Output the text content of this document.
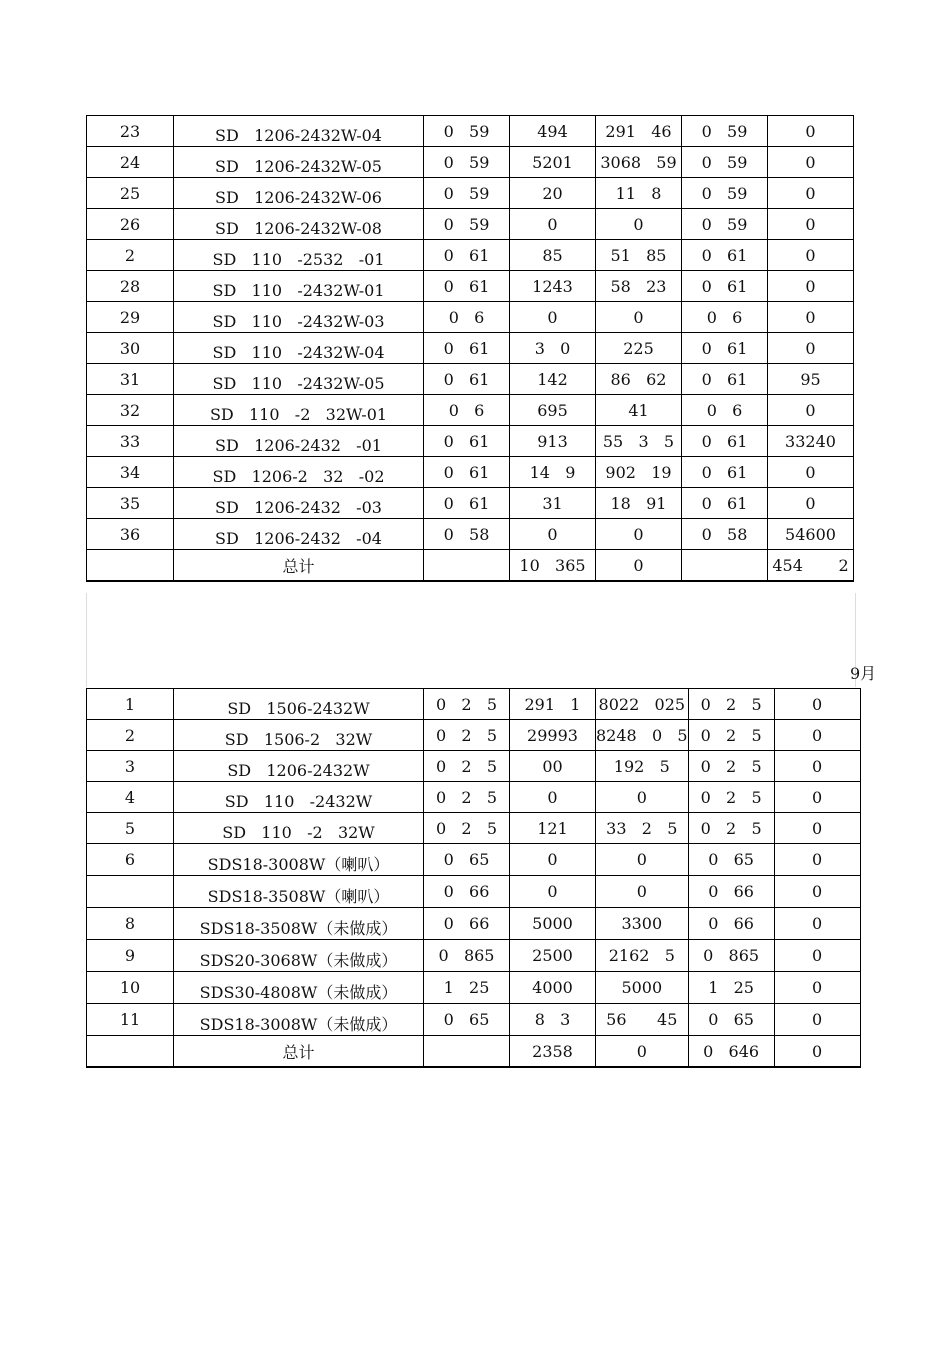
23	SD   1206-2432W-04	0   59	494	291   46	0   59	0
24	SD   1206-2432W-05	0   59	5201	3068   59	0   59	0
25	SD   1206-2432W-06	0   59	20	11   8	0   59	0
26	SD   1206-2432W-08	0   59	0	0	0   59	0
2	SD   110   -2532   -01	0   61	85	51   85	0   61	0
28	SD   110   -2432W-01	0   61	1243	58   23	0   61	0
29	SD   110   -2432W-03	0   6	0	0	0   6	0
30	SD   110   -2432W-04	0   61	3   0	225	0   61	0
31	SD   110   -2432W-05	0   61	142	86   62	0   61	95
32	SD   110   -2   32W-01	0   6	695	41	0   6	0
33	SD   1206-2432   -01	0   61	913	55   3   5	0   61	33240
34	SD   1206-2   32   -02	0   61	14   9	902   19	0   61	0
35	SD   1206-2432   -03	0   61	31	18   91	0   61	0
36	SD   1206-2432   -04	0   58	0	0	0   58	54600
	总计		10   365	0		454       2
9月
1	SD   1506-2432W	0   2   5	291   1	8022   025	0   2   5	0
2	SD   1506-2   32W	0   2   5	29993	8248   0   5	0   2   5	0
3	SD   1206-2432W	0   2   5	00	192   5	0   2   5	0
4	SD   110   -2432W	0   2   5	0	0	0   2   5	0
5	SD   110   -2   32W	0   2   5	121	33   2   5	0   2   5	0
6	SDS18-3008W（喇叭）	0   65	0	0	0   65	0
	SDS18-3508W（喇叭）	0   66	0	0	0   66	0
8	SDS18-3508W（未做成）	0   66	5000	3300	0   66	0
9	SDS20-3068W（未做成）	0   865	2500	2162   5	0   865	0
10	SDS30-4808W（未做成）	1   25	4000	5000	1   25	0
11	SDS18-3008W（未做成）	0   65	8   3	56      45	0   65	0
	总计		2358	0	0   646	0
